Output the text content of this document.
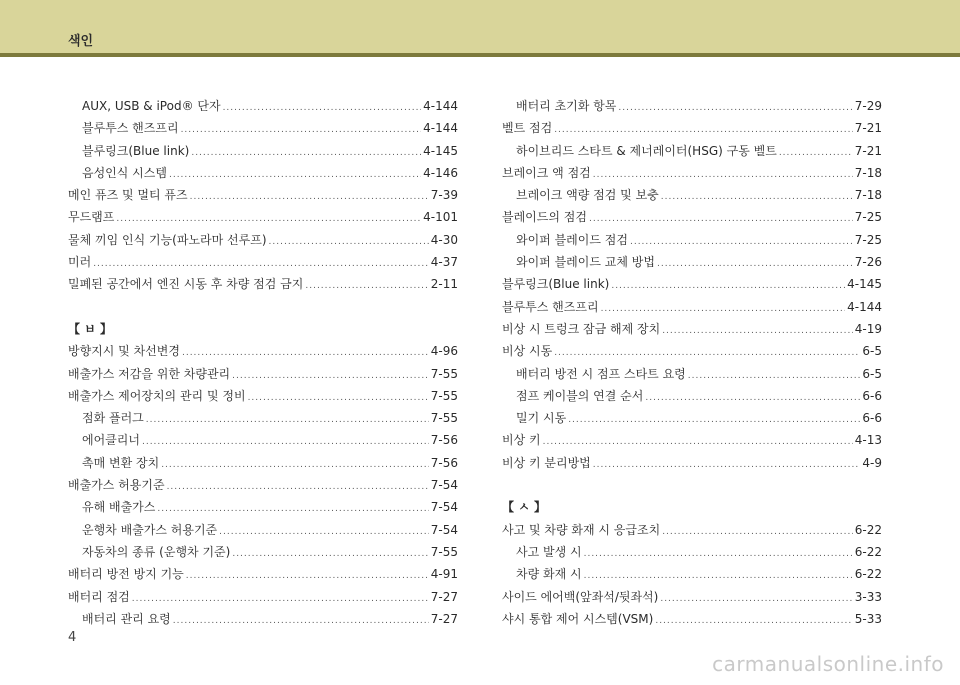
색인
AUX, USB & iPod® 단자 .....	4-144
블루투스 핸즈프리 .....	4-144
블루링크(Blue link) .....	4-145
음성인식 시스템 .....	4-146
메인 퓨즈 및 멀티 퓨즈 .....	7-39
무드램프 .....	4-101
물체 끼임 인식 기능(파노라마 선루프) .....	4-30
미러 .....	4-37
밀폐된 공간에서 엔진 시동 후 차량 점검 금지 .....	2-11
【 ㅂ 】
방향지시 및 차선변경 .....	4-96
배출가스 저감을 위한 차량관리 .....	7-55
배출가스 제어장치의 관리 및 정비 .....	7-55
점화 플러그 .....	7-55
에어클리너 .....	7-56
촉매 변환 장치 .....	7-56
배출가스 허용기준 .....	7-54
유해 배출가스 .....	7-54
운행차 배출가스 허용기준 .....	7-54
자동차의 종류 (운행차 기준) .....	7-55
배터리 방전 방지 기능 .....	4-91
배터리 점검 .....	7-27
배터리 관리 요령 .....	7-27
배터리 초기화 항목 .....	7-29
벨트 점검 .....	7-21
하이브리드 스타트 & 제너레이터(HSG) 구동 벨트 .....	7-21
브레이크 액 점검 .....	7-18
브레이크 액량 점검 및 보충 .....	7-18
블레이드의 점검 .....	7-25
와이퍼 블레이드 점검 .....	7-25
와이퍼 블레이드 교체 방법 .....	7-26
블루링크(Blue link) .....	4-145
블루투스 핸즈프리 .....	4-144
비상 시 트렁크 잠금 해제 장치 .....	4-19
비상 시동 .....	6-5
배터리 방전 시 점프 스타트 요령 .....	6-5
점프 케이블의 연결 순서 .....	6-6
밀기 시동 .....	6-6
비상 키 .....	4-13
비상 키 분리방법 .....	4-9
【 ㅅ 】
사고 및 차량 화재 시 응급조치 .....	6-22
사고 발생 시 .....	6-22
차량 화재 시 .....	6-22
사이드 에어백(앞좌석/뒷좌석) .....	3-33
샤시 통합 제어 시스템(VSM) .....	5-33
4
carmanualsonline.info
